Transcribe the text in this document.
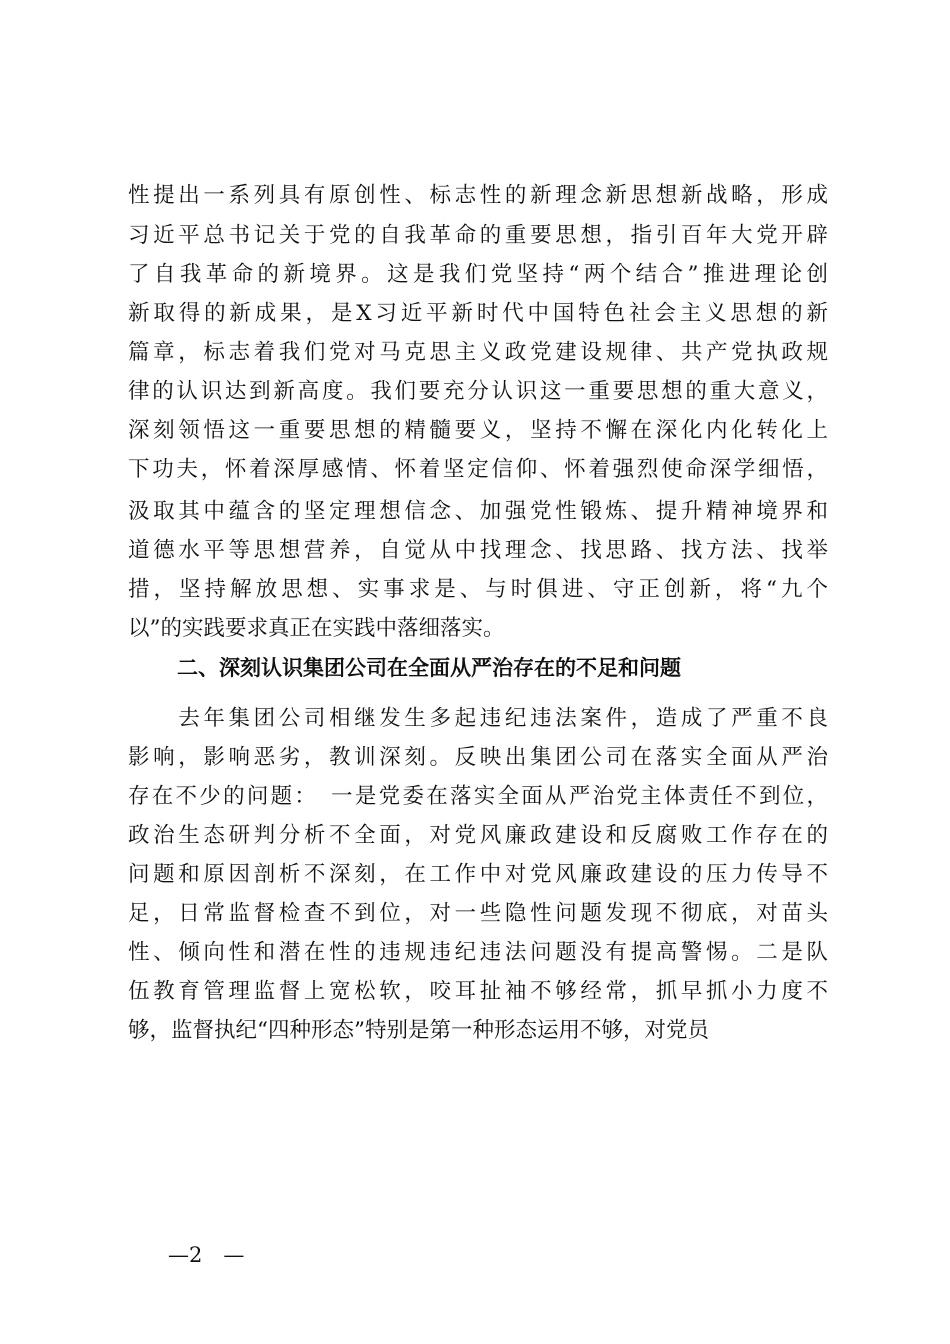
性提出一系列具有原创性、标志性的新理念新思想新战略，形成
习近平总书记关于党的自我革命的重要思想，指引百年大党开辟
了自我革命的新境界。这是我们党坚持“两个结合”推进理论创
新取得的新成果，是X习近平新时代中国特色社会主义思想的新
篇章，标志着我们党对马克思主义政党建设规律、共产党执政规
律的认识达到新高度。我们要充分认识这一重要思想的重大意义，
深刻领悟这一重要思想的精髓要义，坚持不懈在深化内化转化上
下功夫，怀着深厚感情、怀着坚定信仰、怀着强烈使命深学细悟，
汲取其中蕴含的坚定理想信念、加强党性锻炼、提升精神境界和
道德水平等思想营养，自觉从中找理念、找思路、找方法、找举
措，坚持解放思想、实事求是、与时俱进、守正创新，将“九个
以”的实践要求真正在实践中落细落实。
二、深刻认识集团公司在全面从严治存在的不足和问题
　　去年集团公司相继发生多起违纪违法案件，造成了严重不良
影响，影响恶劣，教训深刻。反映出集团公司在落实全面从严治
存在不少的问题：　一是党委在落实全面从严治党主体责任不到位，
政治生态研判分析不全面，对党风廉政建设和反腐败工作存在的
问题和原因剖析不深刻，在工作中对党风廉政建设的压力传导不
足，日常监督检查不到位，对一些隐性问题发现不彻底，对苗头
性、倾向性和潜在性的违规违纪违法问题没有提高警惕。二是队
伍教育管理监督上宽松软，咬耳扯袖不够经常，抓早抓小力度不
够，监督执纪“四种形态”特别是第一种形态运用不够，对党员
—2　—
